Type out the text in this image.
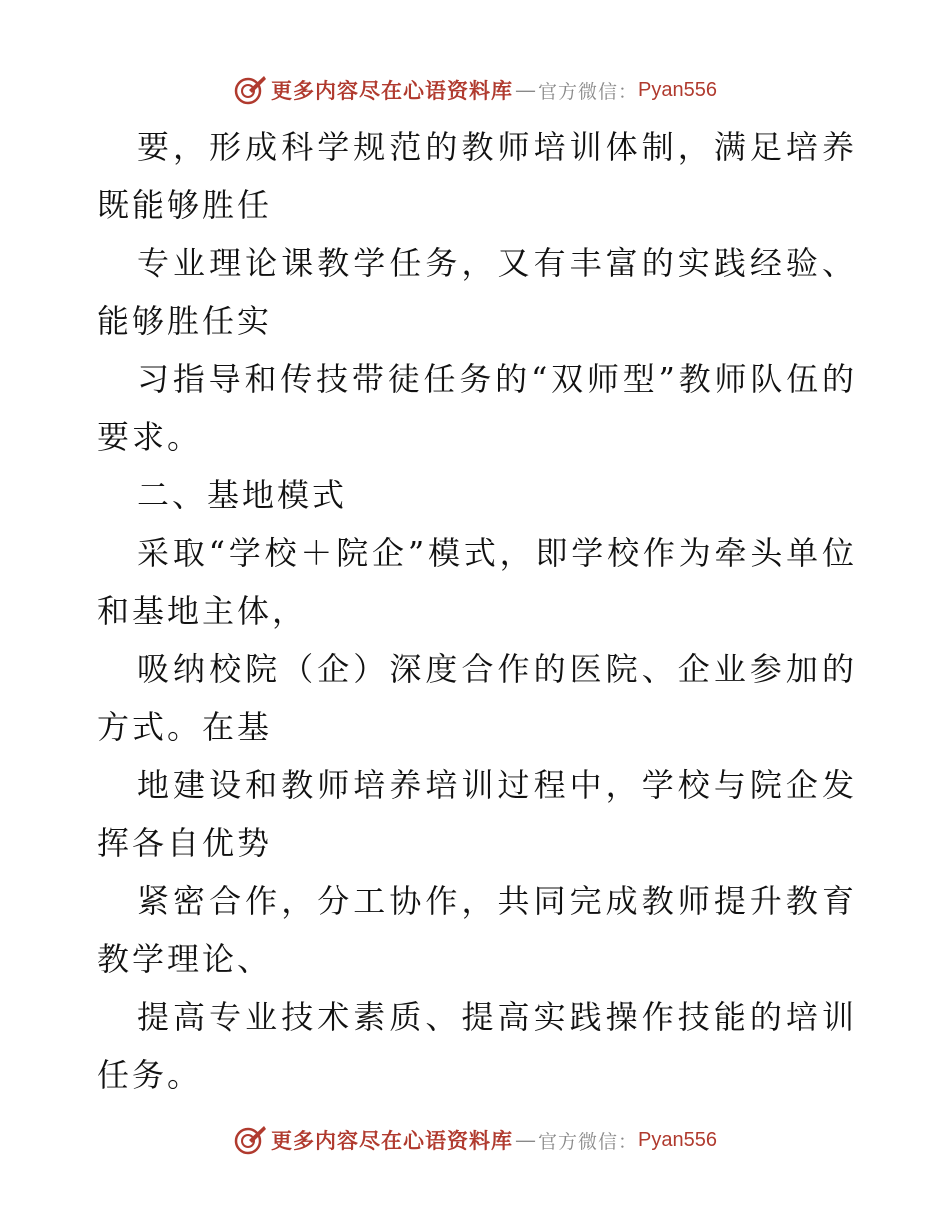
更多内容尽在心语资料库 — 官方微信： Pyan556

要，形成科学规范的教师培训体制，满足培养既能够胜任

专业理论课教学任务，又有丰富的实践经验、能够胜任实

习指导和传技带徒任务的“双师型”教师队伍的要求。

二、基地模式

采取“学校＋院企”模式，即学校作为牵头单位和基地主体，

吸纳校院（企）深度合作的医院、企业参加的方式。在基

地建设和教师培养培训过程中，学校与院企发挥各自优势

紧密合作，分工协作，共同完成教师提升教育教学理论、

提高专业技术素质、提高实践操作技能的培训任务。

更多内容尽在心语资料库 — 官方微信： Pyan556
